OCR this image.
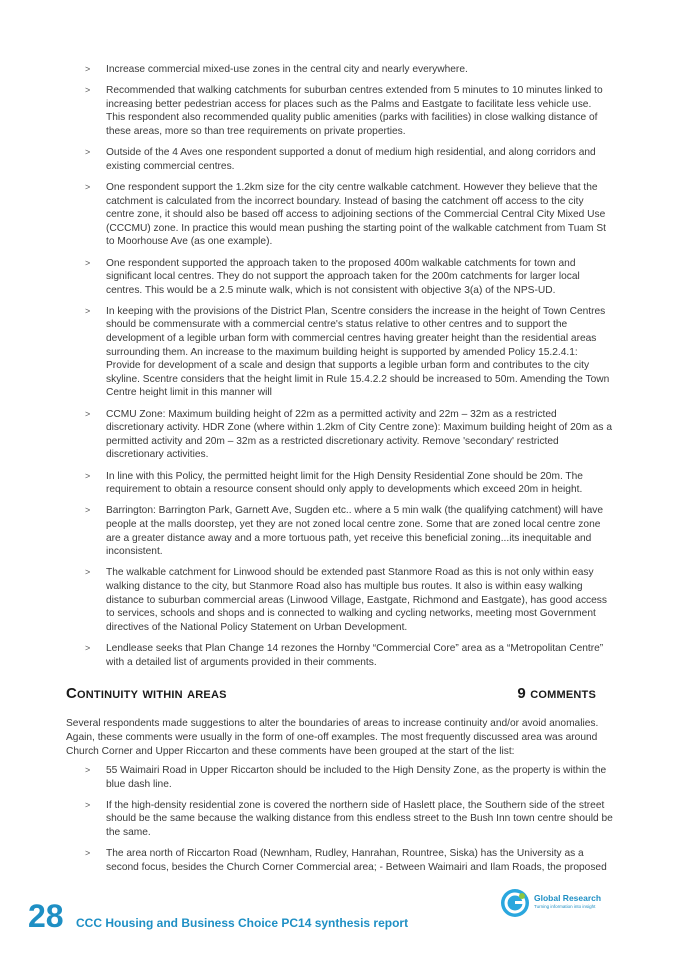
> Increase commercial mixed-use zones in the central city and nearly everywhere.
> Recommended that walking catchments for suburban centres extended from 5 minutes to 10 minutes linked to increasing better pedestrian access for places such as the Palms and Eastgate to facilitate less vehicle use. This respondent also recommended quality public amenities (parks with facilities) in close walking distance of these areas, more so than tree requirements on private properties.
> Outside of the 4 Aves one respondent supported a donut of medium high residential, and along corridors and existing commercial centres.
> One respondent support the 1.2km size for the city centre walkable catchment. However they believe that the catchment is calculated from the incorrect boundary. Instead of basing the catchment off access to the city centre zone, it should also be based off access to adjoining sections of the Commercial Central City Mixed Use (CCCMU) zone. In practice this would mean pushing the starting point of the walkable catchment from Tuam St to Moorhouse Ave (as one example).
> One respondent supported the approach taken to the proposed 400m walkable catchments for town and significant local centres. They do not support the approach taken for the 200m catchments for larger local centres. This would be a 2.5 minute walk, which is not consistent with objective 3(a) of the NPS-UD.
> In keeping with the provisions of the District Plan, Scentre considers the increase in the height of Town Centres should be commensurate with a commercial centre's status relative to other centres and to support the development of a legible urban form with commercial centres having greater height than the residential areas surrounding them. An increase to the maximum building height is supported by amended Policy 15.2.4.1: Provide for development of a scale and design that supports a legible urban form and contributes to the city skyline. Scentre considers that the height limit in Rule 15.4.2.2 should be increased to 50m. Amending the Town Centre height limit in this manner will
> CCMU Zone: Maximum building height of 22m as a permitted activity and 22m – 32m as a restricted discretionary activity. HDR Zone (where within 1.2km of City Centre zone): Maximum building height of 20m as a permitted activity and 20m – 32m as a restricted discretionary activity. Remove 'secondary' restricted discretionary activities.
> In line with this Policy, the permitted height limit for the High Density Residential Zone should be 20m. The requirement to obtain a resource consent should only apply to developments which exceed 20m in height.
> Barrington: Barrington Park, Garnett Ave, Sugden etc.. where a 5 min walk (the qualifying catchment) will have people at the malls doorstep, yet they are not zoned local centre zone. Some that are zoned local centre zone are a greater distance away and a more tortuous path, yet receive this beneficial zoning...its inequitable and inconsistent.
> The walkable catchment for Linwood should be extended past Stanmore Road as this is not only within easy walking distance to the city, but Stanmore Road also has multiple bus routes. It also is within easy walking distance to suburban commercial areas (Linwood Village, Eastgate, Richmond and Eastgate), has good access to services, schools and shops and is connected to walking and cycling networks, meeting most Government directives of the National Policy Statement on Urban Development.
> Lendlease seeks that Plan Change 14 rezones the Hornby “Commercial Core” area as a “Metropolitan Centre” with a detailed list of arguments provided in their comments.
Continuity within areas	9 comments

Several respondents made suggestions to alter the boundaries of areas to increase continuity and/or avoid anomalies. Again, these comments were usually in the form of one-off examples. The most frequently discussed area was around Church Corner and Upper Riccarton and these comments have been grouped at the start of the list:

> 55 Waimairi Road in Upper Riccarton should be included to the High Density Zone, as the property is within the blue dash line.
> If the high-density residential zone is covered the northern side of Haslett place, the Southern side of the street should be the same because the walking distance from this endless street to the Bush Inn town centre should be the same.
> The area north of Riccarton Road (Newnham, Rudley, Hanrahan, Rountree, Siska) has the University as a second focus, besides the Church Corner Commercial area; - Between Waimairi and Ilam Roads, the proposed
28 CCC Housing and Business Choice PC14 synthesis report
Global Research
Turning information into insight
